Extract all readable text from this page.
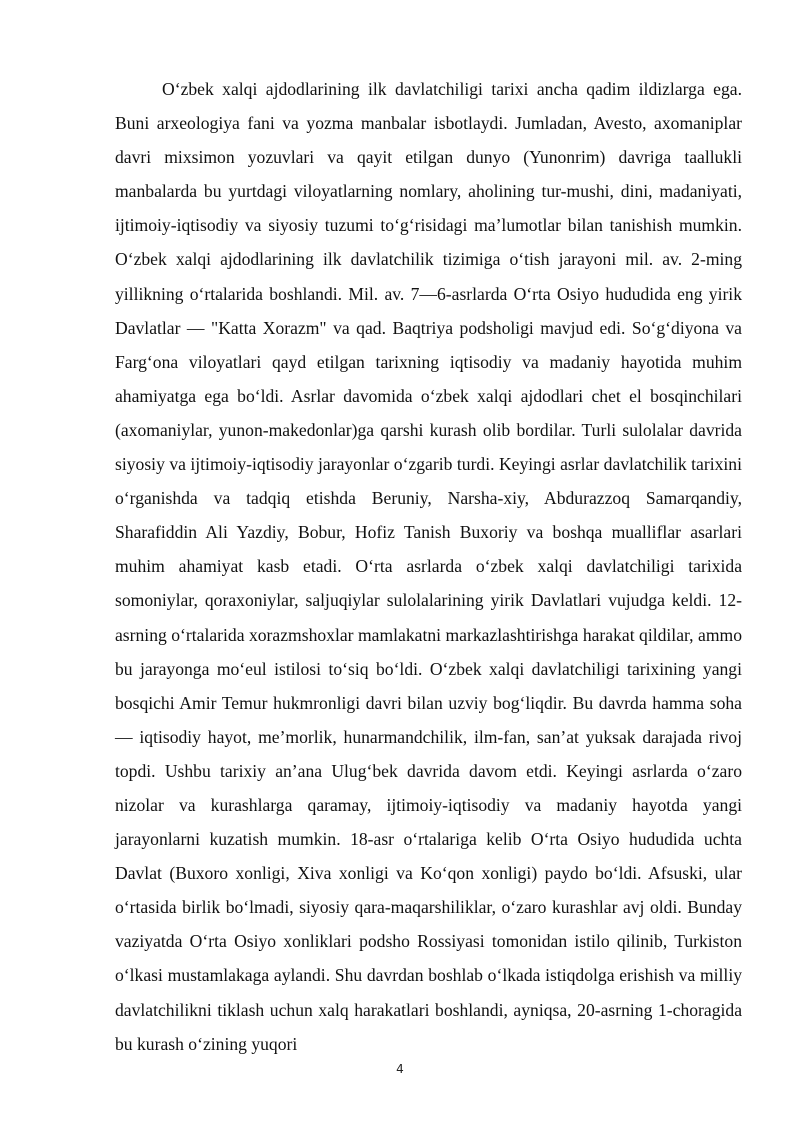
O‘zbek xalqi ajdodlarining ilk davlatchiligi tarixi ancha qadim ildizlarga ega. Buni arxeologiya fani va yozma manbalar isbotlaydi. Jumladan, Avesto, axomaniplar davri mixsimon yozuvlari va qayit etilgan dunyo (Yunonrim) davriga taallukli manbalarda bu yurtdagi viloyatlarning nomlary, aholining tur-mushi, dini, madaniyati, ijtimoiy-iqtisodiy va siyosiy tuzumi to‘g‘risidagi ma’lumotlar bilan tanishish mumkin. O‘zbek xalqi ajdodlarining ilk davlatchilik tizimiga o‘tish jarayoni mil. av. 2-ming yillikning o‘rtalarida boshlandi. Mil. av. 7—6-asrlarda O‘rta Osiyo hududida eng yirik Davlatlar — "Katta Xorazm" va qad. Baqtriya podsholigi mavjud edi. So‘g‘diyona va Farg‘ona viloyatlari qayd etilgan tarixning iqtisodiy va madaniy hayotida muhim ahamiyatga ega bo‘ldi. Asrlar davomida o‘zbek xalqi ajdodlari chet el bosqinchilari (axomaniylar, yunon-makedonlar)ga qarshi kurash olib bordilar. Turli sulolalar davrida siyosiy va ijtimoiy-iqtisodiy jarayonlar o‘zgarib turdi. Keyingi asrlar davlatchilik tarixini o‘rganishda va tadqiq etishda Beruniy, Narsha-xiy, Abdurazzoq Samarqandiy, Sharafiddin Ali Yazdiy, Bobur, Hofiz Tanish Buxoriy va boshqa mualliflar asarlari muhim ahamiyat kasb etadi. O‘rta asrlarda o‘zbek xalqi davlatchiligi tarixida somoniylar, qoraxoniylar, saljuqiylar sulolalarining yirik Davlatlari vujudga keldi. 12-asrning o‘rtalarida xorazmshoxlar mamlakatni markazlashtirishga harakat qildilar, ammo bu jarayonga mo‘eul istilosi to‘siq bo‘ldi. O‘zbek xalqi davlatchiligi tarixining yangi bosqichi Amir Temur hukmronligi davri bilan uzviy bog‘liqdir. Bu davrda hamma soha — iqtisodiy hayot, me’morlik, hunarmandchilik, ilm-fan, san’at yuksak darajada rivoj topdi. Ushbu tarixiy an’ana Ulug‘bek davrida davom etdi. Keyingi asrlarda o‘zaro nizolar va kurashlarga qaramay, ijtimoiy-iqtisodiy va madaniy hayotda yangi jarayonlarni kuzatish mumkin. 18-asr o‘rtalariga kelib O‘rta Osiyo hududida uchta Davlat (Buxoro xonligi, Xiva xonligi va Ko‘qon xonligi) paydo bo‘ldi. Afsuski, ular o‘rtasida birlik bo‘lmadi, siyosiy qara-maqarshiliklar, o‘zaro kurashlar avj oldi. Bunday vaziyatda O‘rta Osiyo xonliklari podsho Rossiyasi tomonidan istilo qilinib, Turkiston o‘lkasi mustamlakaga aylandi. Shu davrdan boshlab o‘lkada istiqdolga erishish va milliy davlatchilikni tiklash uchun xalq harakatlari boshlandi, ayniqsa, 20-asrning 1-choragida bu kurash o‘zining yuqori

4
